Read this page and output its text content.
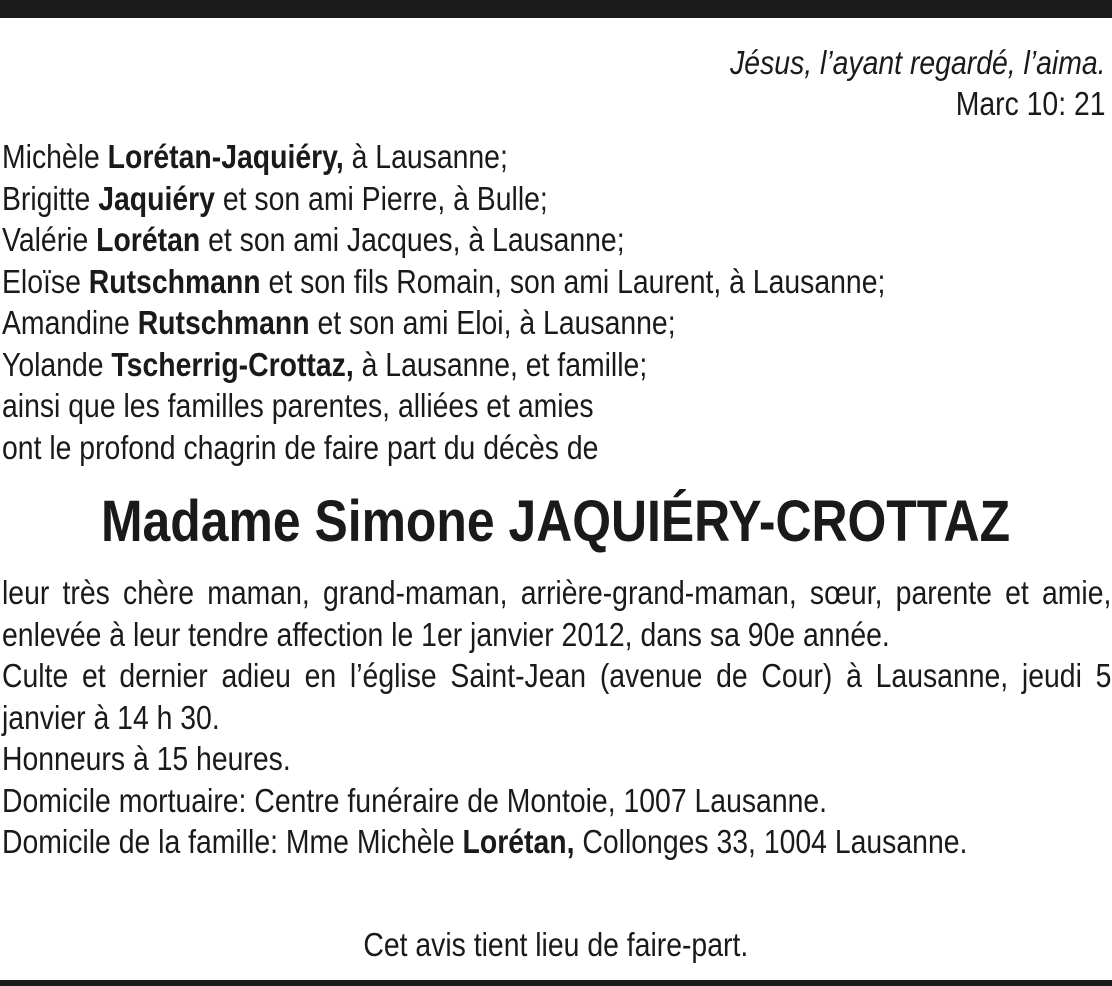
Jésus, l’ayant regardé, l’aima.
Marc 10: 21
Michèle Lorétan-Jaquiéry, à Lausanne;
Brigitte Jaquiéry et son ami Pierre, à Bulle;
Valérie Lorétan et son ami Jacques, à Lausanne;
Eloïse Rutschmann et son fils Romain, son ami Laurent, à Lausanne;
Amandine Rutschmann et son ami Eloi, à Lausanne;
Yolande Tscherrig-Crottaz, à Lausanne, et famille;
ainsi que les familles parentes, alliées et amies
ont le profond chagrin de faire part du décès de
Madame Simone JAQUIÉRY-CROTTAZ
leur très chère maman, grand-maman, arrière-grand-maman, sœur, parente et amie, enlevée à leur tendre affection le 1er janvier 2012, dans sa 90e année.
Culte et dernier adieu en l’église Saint-Jean (avenue de Cour) à Lausanne, jeudi 5 janvier à 14 h 30.
Honneurs à 15 heures.
Domicile mortuaire: Centre funéraire de Montoie, 1007 Lausanne.
Domicile de la famille: Mme Michèle Lorétan, Collonges 33, 1004 Lausanne.
Cet avis tient lieu de faire-part.
